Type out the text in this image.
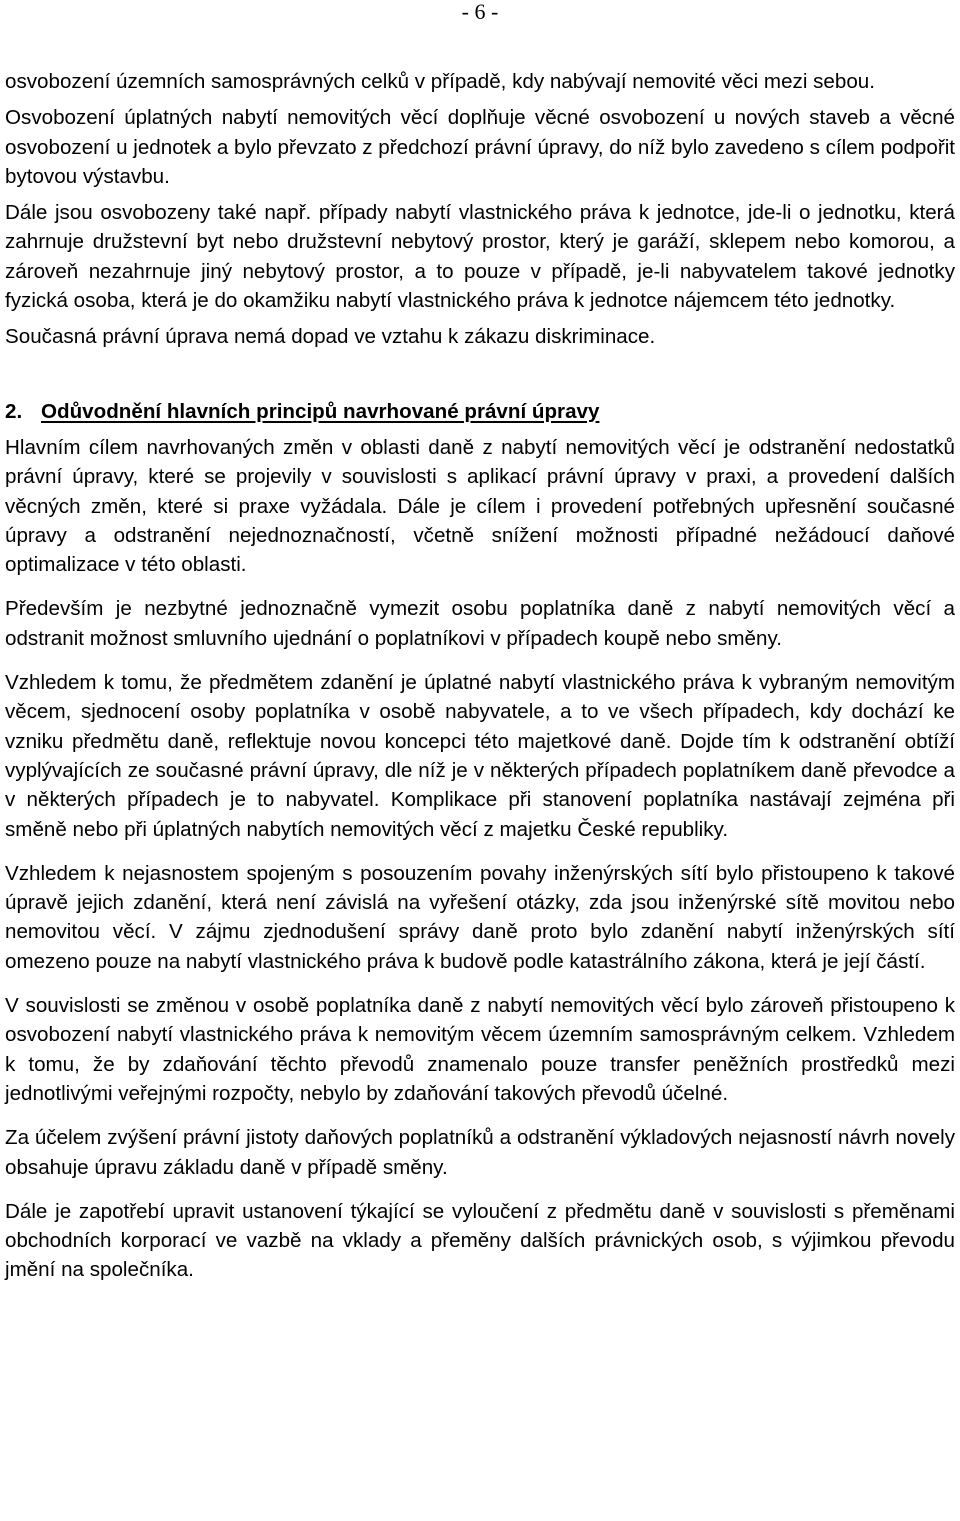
- 6 -

osvobození územních samosprávných celků v případě, kdy nabývají nemovité věci mezi sebou.

Osvobození úplatných nabytí nemovitých věcí doplňuje věcné osvobození u nových staveb a věcné osvobození u jednotek a bylo převzato z předchozí právní úpravy, do níž bylo zavedeno s cílem podpořit bytovou výstavbu.

Dále jsou osvobozeny také např. případy nabytí vlastnického práva k jednotce, jde-li o jednotku, která zahrnuje družstevní byt nebo družstevní nebytový prostor, který je garáží, sklepem nebo komorou, a zároveň nezahrnuje jiný nebytový prostor, a to pouze v případě, je-li nabyvatelem takové jednotky fyzická osoba, která je do okamžiku nabytí vlastnického práva k jednotce nájemcem této jednotky.

Současná právní úprava nemá dopad ve vztahu k zákazu diskriminace.

2. Odůvodnění hlavních principů navrhované právní úpravy

Hlavním cílem navrhovaných změn v oblasti daně z nabytí nemovitých věcí je odstranění nedostatků právní úpravy, které se projevily v souvislosti s aplikací právní úpravy v praxi, a provedení dalších věcných změn, které si praxe vyžádala. Dále je cílem i provedení potřebných upřesnění současné úpravy a odstranění nejednoznačností, včetně snížení možnosti případné nežádoucí daňové optimalizace v této oblasti.

Především je nezbytné jednoznačně vymezit osobu poplatníka daně z nabytí nemovitých věcí a odstranit možnost smluvního ujednání o poplatníkovi v případech koupě nebo směny.

Vzhledem k tomu, že předmětem zdanění je úplatné nabytí vlastnického práva k vybraným nemovitým věcem, sjednocení osoby poplatníka v osobě nabyvatele, a to ve všech případech, kdy dochází ke vzniku předmětu daně, reflektuje novou koncepci této majetkové daně. Dojde tím k odstranění obtíží vyplývajících ze současné právní úpravy, dle níž je v některých případech poplatníkem daně převodce a v některých případech je to nabyvatel. Komplikace při stanovení poplatníka nastávají zejména při směně nebo při úplatných nabytích nemovitých věcí z majetku České republiky.

Vzhledem k nejasnostem spojeným s posouzením povahy inženýrských sítí bylo přistoupeno k takové úpravě jejich zdanění, která není závislá na vyřešení otázky, zda jsou inženýrské sítě movitou nebo nemovitou věcí. V zájmu zjednodušení správy daně proto bylo zdanění nabytí inženýrských sítí omezeno pouze na nabytí vlastnického práva k budově podle katastrálního zákona, která je její částí.

V souvislosti se změnou v osobě poplatníka daně z nabytí nemovitých věcí bylo zároveň přistoupeno k osvobození nabytí vlastnického práva k nemovitým věcem územním samosprávným celkem. Vzhledem k tomu, že by zdaňování těchto převodů znamenalo pouze transfer peněžních prostředků mezi jednotlivými veřejnými rozpočty, nebylo by zdaňování takových převodů účelné.

Za účelem zvýšení právní jistoty daňových poplatníků a odstranění výkladových nejasností návrh novely obsahuje úpravu základu daně v případě směny.

Dále je zapotřebí upravit ustanovení týkající se vyloučení z předmětu daně v souvislosti s přeměnami obchodních korporací ve vazbě na vklady a přeměny dalších právnických osob, s výjimkou převodu jmění na společníka.
